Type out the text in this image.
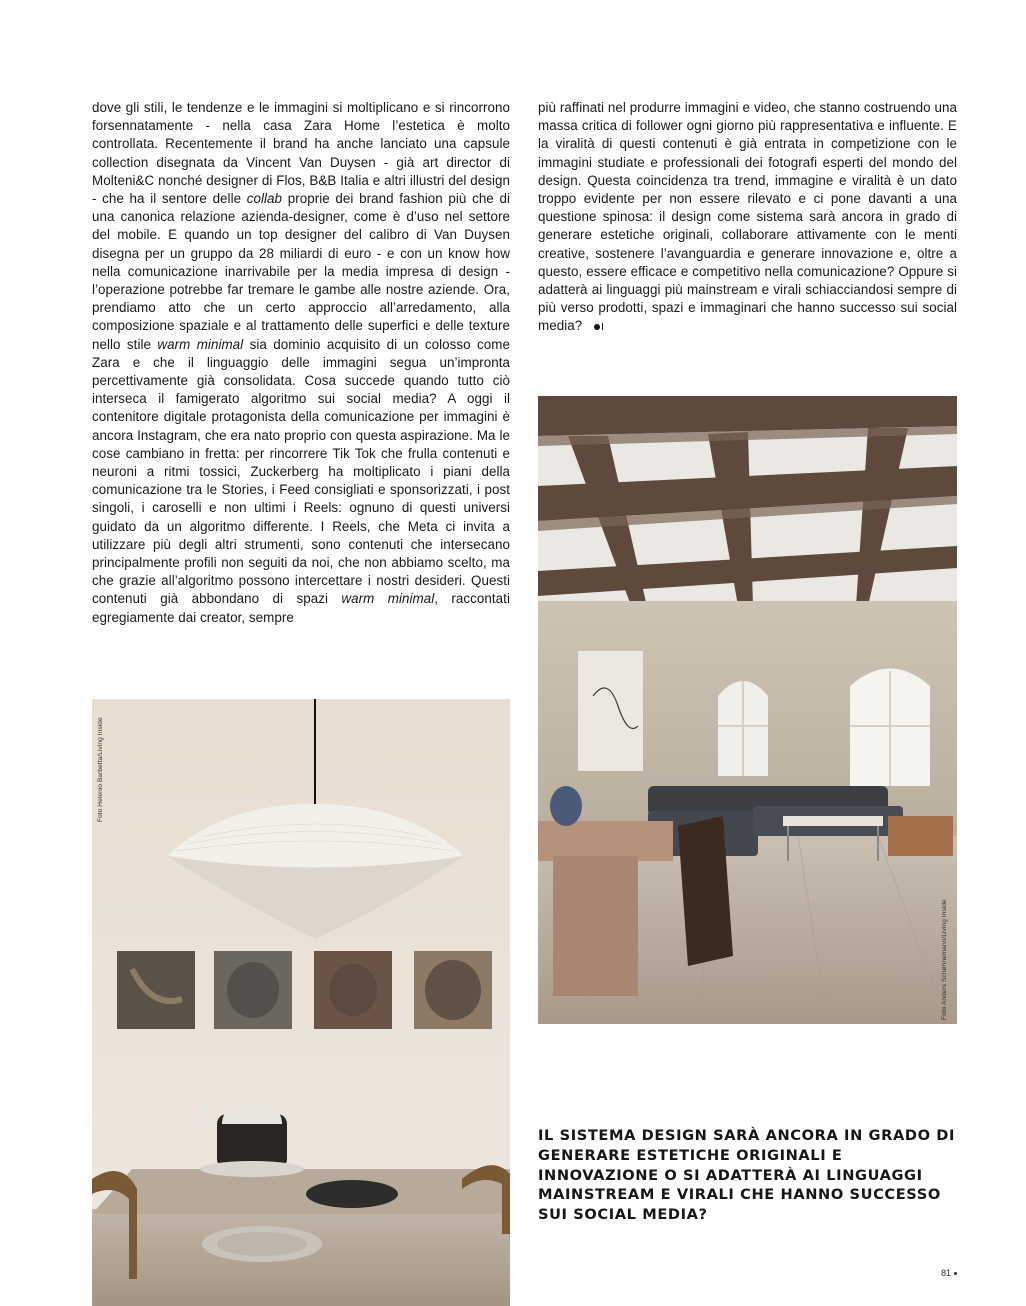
dove gli stili, le tendenze e le immagini si moltiplicano e si rincorrono forsennatamente - nella casa Zara Home l’estetica è molto controllata. Recentemente il brand ha anche lanciato una capsule collection disegnata da Vincent Van Duysen - già art director di Molteni&C nonché designer di Flos, B&B Italia e altri illustri del design - che ha il sentore delle collab proprie dei brand fashion più che di una canonica relazione azienda-designer, come è d’uso nel settore del mobile. E quando un top designer del calibro di Van Duysen disegna per un gruppo da 28 miliardi di euro - e con un know how nella comunicazione inarrivabile per la media impresa di design - l’operazione potrebbe far tremare le gambe alle nostre aziende. Ora, prendiamo atto che un certo approccio all’arredamento, alla composizione spaziale e al trattamento delle superfici e delle texture nello stile warm minimal sia dominio acquisito di un colosso come Zara e che il linguaggio delle immagini segua un’impronta percettivamente già consolidata. Cosa succede quando tutto ciò interseca il famigerato algoritmo sui social media? A oggi il contenitore digitale protagonista della comunicazione per immagini è ancora Instagram, che era nato proprio con questa aspirazione. Ma le cose cambiano in fretta: per rincorrere Tik Tok che frulla contenuti e neuroni a ritmi tossici, Zuckerberg ha moltiplicato i piani della comunicazione tra le Stories, i Feed consigliati e sponsorizzati, i post singoli, i caroselli e non ultimi i Reels: ognuno di questi universi guidato da un algoritmo differente. I Reels, che Meta ci invita a utilizzare più degli altri strumenti, sono contenuti che intersecano principalmente profili non seguiti da noi, che non abbiamo scelto, ma che grazie all’algoritmo possono intercettare i nostri desideri. Questi contenuti già abbondano di spazi warm minimal, raccontati egregiamente dai creator, sempre

più raffinati nel produrre immagini e video, che stanno costruendo una massa critica di follower ogni giorno più rappresentativa e influente. E la viralità di questi contenuti è già entrata in competizione con le immagini studiate e professionali dei fotografi esperti del mondo del design. Questa coincidenza tra trend, immagine e viralità è un dato troppo evidente per non essere rilevato e ci pone davanti a una questione spinosa: il design come sistema sarà ancora in grado di generare estetiche originali, collaborare attivamente con le menti creative, sostenere l’avanguardia e generare innovazione e, oltre a questo, essere efficace e competitivo nella comunicazione? Oppure si adatterà ai linguaggi più mainstream e virali schiacciandosi sempre di più verso prodotti, spazi e immaginari che hanno successo sui social media?

Foto Helenio Barbetta/Living Inside
Foto Anders Schønnemann/Living Inside

IL SISTEMA DESIGN SARÀ ANCORA IN GRADO DI GENERARE ESTETICHE ORIGINALI E INNOVAZIONE O SI ADATTERÀ AI LINGUAGGI MAINSTREAM E VIRALI CHE HANNO SUCCESSO SUI SOCIAL MEDIA?

81
